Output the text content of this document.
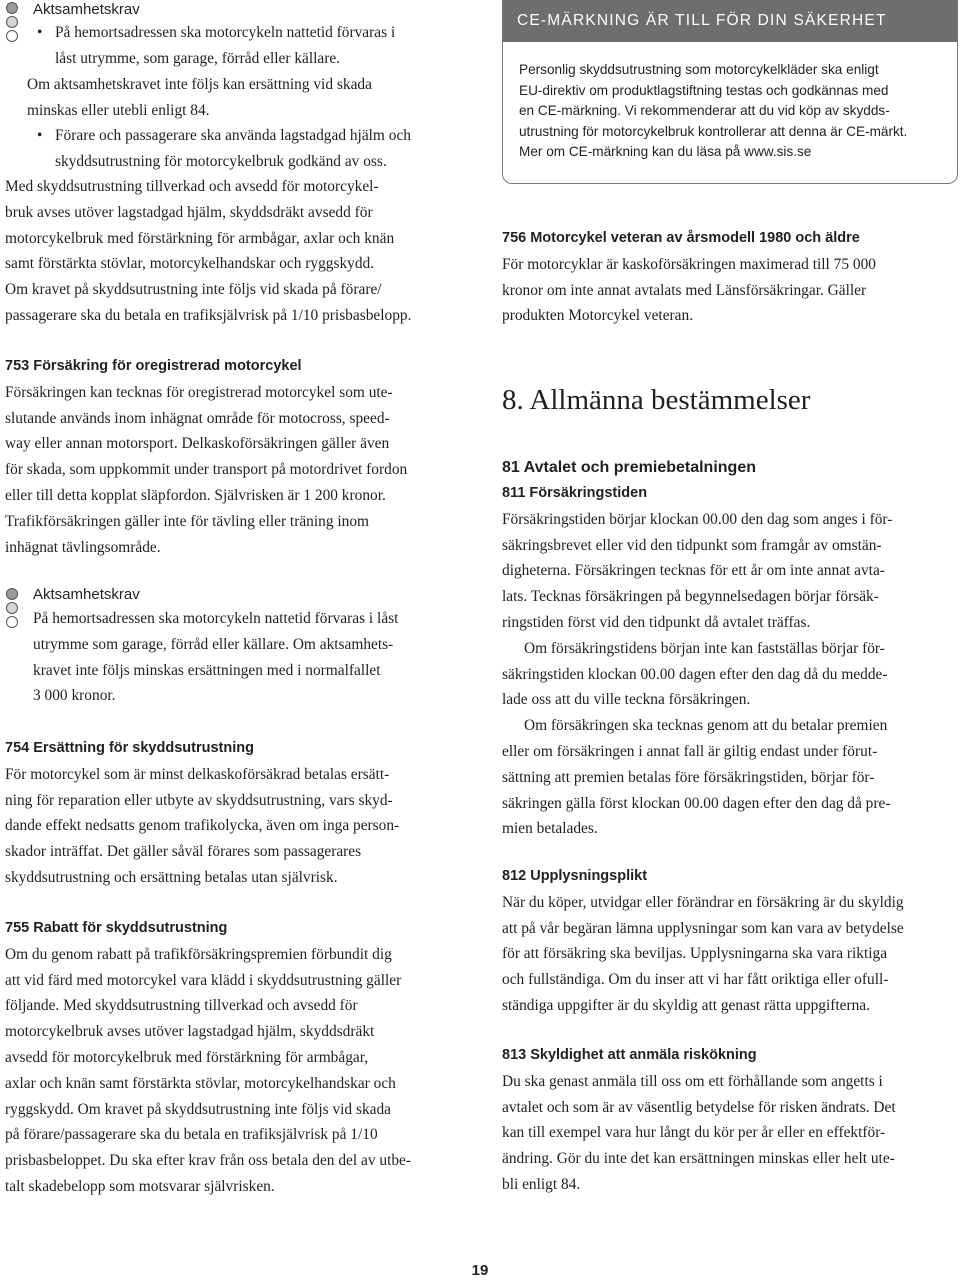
Aktsamhetskrav
• På hemortsadressen ska motorcykeln nattetid förvaras i
låst utrymme, som garage, förråd eller källare.
Om aktsamhetskravet inte följs kan ersättning vid skada
minskas eller utebli enligt 84.
• Förare och passagerare ska använda lagstadgad hjälm och
skyddsutrustning för motorcykelbruk godkänd av oss.
Med skyddsutrustning tillverkad och avsedd för motorcykel-
bruk avses utöver lagstadgad hjälm, skyddsdräkt avsedd för
motorcykelbruk med förstärkning för armbågar, axlar och knän
samt förstärkta stövlar, motorcykelhandskar och ryggskydd.
Om kravet på skyddsutrustning inte följs vid skada på förare/
passagerare ska du betala en trafiksjälvrisk på 1/10 prisbasbelopp.
753 Försäkring för oregistrerad motorcykel
Försäkringen kan tecknas för oregistrerad motorcykel som ute-
slutande används inom inhägnat område för motocross, speed-
way eller annan motorsport. Delkaskoförsäkringen gäller även
för skada, som uppkommit under transport på motordrivet fordon
eller till detta kopplat släpfordon. Självrisken är 1 200 kronor.
Trafikförsäkringen gäller inte för tävling eller träning inom
inhägnat tävlingsområde.
Aktsamhetskrav
På hemortsadressen ska motorcykeln nattetid förvaras i låst
utrymme som garage, förråd eller källare. Om aktsamhets-
kravet inte följs minskas ersättningen med i normalfallet
3 000 kronor.
754 Ersättning för skyddsutrustning
För motorcykel som är minst delkaskoförsäkrad betalas ersätt-
ning för reparation eller utbyte av skyddsutrustning, vars skyd-
dande effekt nedsatts genom trafikolycka, även om inga person-
skador inträffat. Det gäller såväl förares som passagerares
skyddsutrustning och ersättning betalas utan självrisk.
755 Rabatt för skyddsutrustning
Om du genom rabatt på trafikförsäkringspremien förbundit dig
att vid färd med motorcykel vara klädd i skyddsutrustning gäller
följande. Med skyddsutrustning tillverkad och avsedd för
motorcykelbruk avses utöver lagstadgad hjälm, skyddsdräkt
avsedd för motorcykelbruk med förstärkning för armbågar,
axlar och knän samt förstärkta stövlar, motorcykelhandskar och
ryggskydd. Om kravet på skyddsutrustning inte följs vid skada
på förare/passagerare ska du betala en trafiksjälvrisk på 1/10
prisbasbeloppet. Du ska efter krav från oss betala den del av utbe-
talt skadebelopp som motsvarar självrisken.
CE-MÄRKNING ÄR TILL FÖR DIN SÄKERHET
Personlig skyddsutrustning som motorcykelkläder ska enligt
EU-direktiv om produktlagstiftning testas och godkännas med
en CE-märkning. Vi rekommenderar att du vid köp av skydds-
utrustning för motorcykelbruk kontrollerar att denna är CE-märkt.
Mer om CE-märkning kan du läsa på www.sis.se
756 Motorcykel veteran av årsmodell 1980 och äldre
För motorcyklar är kaskoförsäkringen maximerad till 75 000
kronor om inte annat avtalats med Länsförsäkringar. Gäller
produkten Motorcykel veteran.
8. Allmänna bestämmelser
81 Avtalet och premiebetalningen
811 Försäkringstiden
Försäkringstiden börjar klockan 00.00 den dag som anges i för-
säkringsbrevet eller vid den tidpunkt som framgår av omstän-
digheterna. Försäkringen tecknas för ett år om inte annat avta-
lats. Tecknas försäkringen på begynnelsedagen börjar försäk-
ringstiden först vid den tidpunkt då avtalet träffas.
Om försäkringstidens början inte kan fastställas börjar för-
säkringstiden klockan 00.00 dagen efter den dag då du medde-
lade oss att du ville teckna försäkringen.
Om försäkringen ska tecknas genom att du betalar premien
eller om försäkringen i annat fall är giltig endast under förut-
sättning att premien betalas före försäkringstiden, börjar för-
säkringen gälla först klockan 00.00 dagen efter den dag då pre-
mien betalades.
812 Upplysningsplikt
När du köper, utvidgar eller förändrar en försäkring är du skyldig
att på vår begäran lämna upplysningar som kan vara av betydelse
för att försäkring ska beviljas. Upplysningarna ska vara riktiga
och fullständiga. Om du inser att vi har fått oriktiga eller ofull-
ständiga uppgifter är du skyldig att genast rätta uppgifterna.
813 Skyldighet att anmäla riskökning
Du ska genast anmäla till oss om ett förhållande som angetts i
avtalet och som är av väsentlig betydelse för risken ändrats. Det
kan till exempel vara hur långt du kör per år eller en effektför-
ändring. Gör du inte det kan ersättningen minskas eller helt ute-
bli enligt 84.
19
